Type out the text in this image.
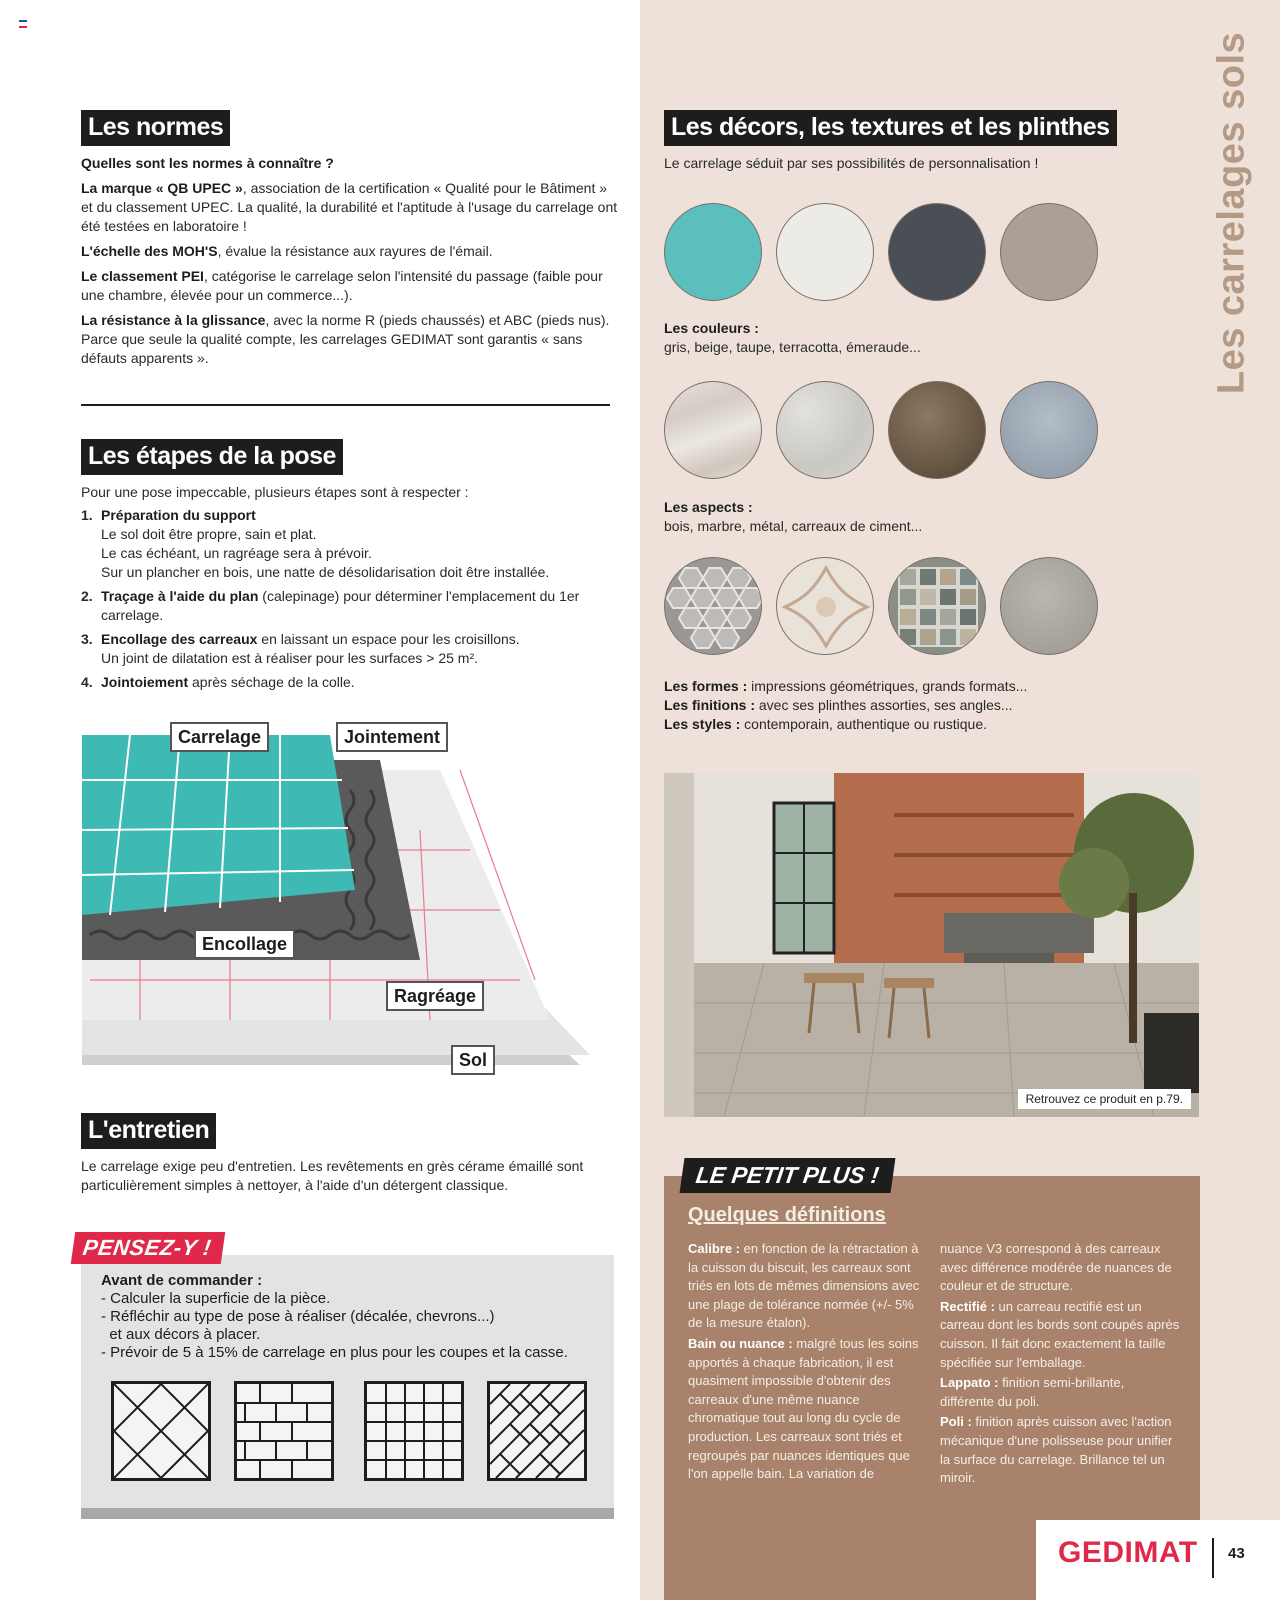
Les normes

Quelles sont les normes à connaître ?

La marque « QB UPEC », association de la certification « Qualité pour le Bâtiment » et du classement UPEC. La qualité, la durabilité et l'aptitude à l'usage du carrelage ont été testées en laboratoire !

L'échelle des MOH'S, évalue la résistance aux rayures de l'émail.

Le classement PEI, catégorise le carrelage selon l'intensité du passage (faible pour une chambre, élevée pour un commerce...).

La résistance à la glissance, avec la norme R (pieds chaussés) et ABC (pieds nus). Parce que seule la qualité compte, les carrelages GEDIMAT sont garantis « sans défauts apparents ».

Les étapes de la pose

Pour une pose impeccable, plusieurs étapes sont à respecter :

1. Préparation du support
Le sol doit être propre, sain et plat.
Le cas échéant, un ragréage sera à prévoir.
Sur un plancher en bois, une natte de désolidarisation doit être installée.
2. Traçage à l'aide du plan (calepinage) pour déterminer l'emplacement du 1er carrelage.
3. Encollage des carreaux en laissant un espace pour les croisillons.
Un joint de dilatation est à réaliser pour les surfaces > 25 m².
4. Jointoiement après séchage de la colle.
Carrelage	Jointement
Encollage
Ragréage
Sol
L'entretien

Le carrelage exige peu d'entretien. Les revêtements en grès cérame émaillé sont particulièrement simples à nettoyer, à l'aide d'un détergent classique.

Avant de commander :

- Calculer la superficie de la pièce.
- Réfléchir au type de pose à réaliser (décalée, chevrons...)
et aux décors à placer.
- Prévoir de 5 à 15% de carrelage en plus pour les coupes et la casse.
PENSEZ-Y !
Les carrelages sols
Les décors, les textures et les plinthes

Le carrelage séduit par ses possibilités de personnalisation !

Les couleurs :

gris, beige, taupe, terracotta, émeraude...

Les aspects :

bois, marbre, métal, carreaux de ciment...

Les formes : impressions géométriques, grands formats...

Les finitions : avec ses plinthes assorties, ses angles...

Les styles : contemporain, authentique ou rustique.

Retrouvez ce produit en p.79.
LE PETIT PLUS !
Quelques définitions

Calibre : en fonction de la rétractation à la cuisson du biscuit, les carreaux sont triés en lots de mêmes dimensions avec une plage de tolérance normée (+/- 5% de la mesure étalon).

Bain ou nuance : malgré tous les soins apportés à chaque fabrication, il est quasiment impossible d'obtenir des carreaux d'une même nuance chromatique tout au long du cycle de production. Les carreaux sont triés et regroupés par nuances identiques que l'on appelle bain. La variation de

nuance V3 correspond à des carreaux avec différence modérée de nuances de couleur et de structure.

Rectifié : un carreau rectifié est un carreau dont les bords sont coupés après cuisson. Il fait donc exactement la taille spécifiée sur l'emballage.

Lappato : finition semi-brillante, différente du poli.

Poli : finition après cuisson avec l'action mécanique d'une polisseuse pour unifier la surface du carrelage. Brillance tel un miroir.

GEDIMAT 43
